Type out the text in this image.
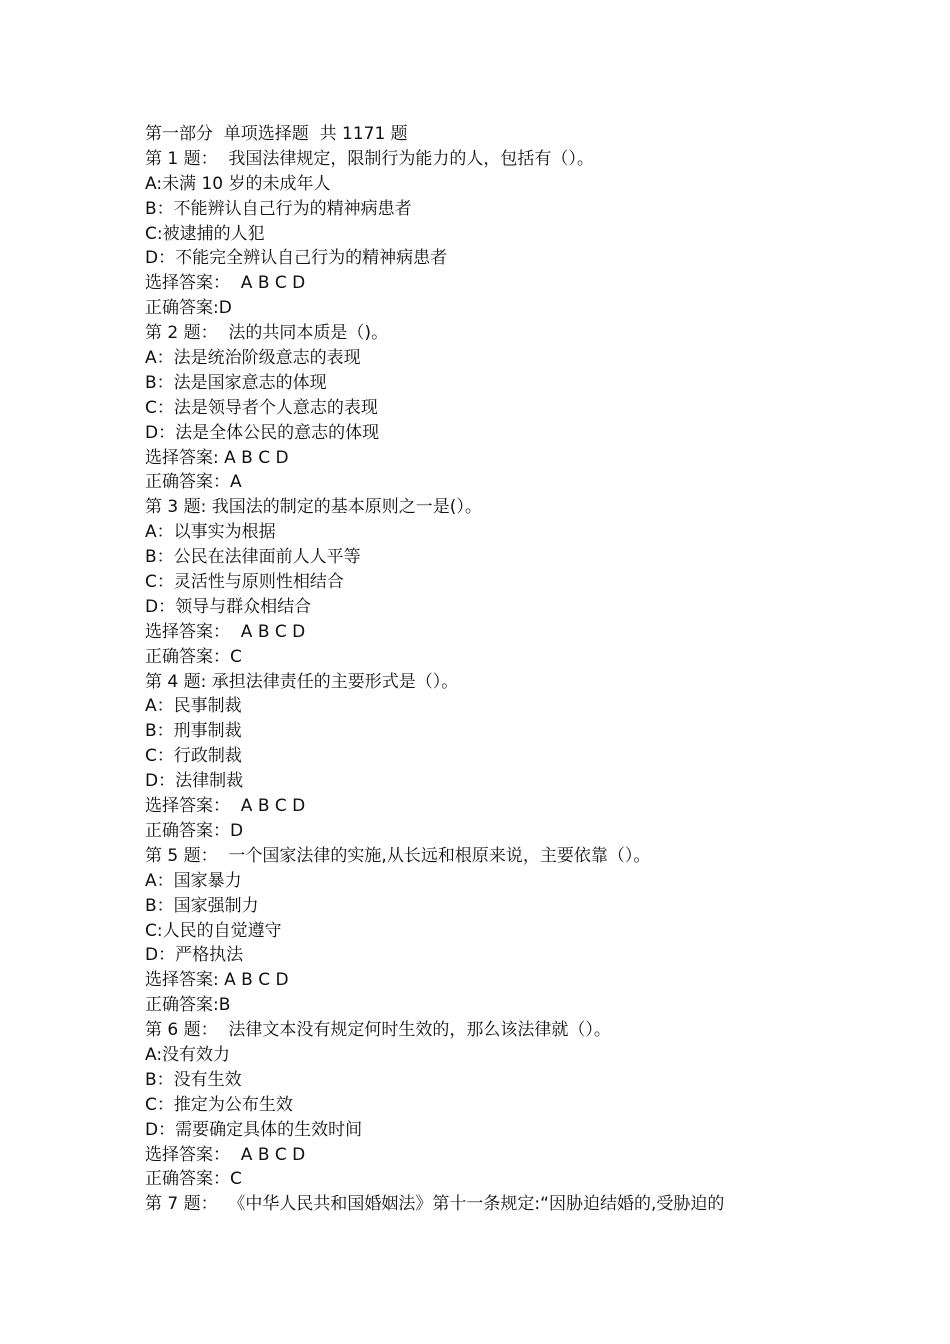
第一部分  单项选择题  共 1171 题
第 1 题：  我国法律规定，限制行为能力的人，包括有（）。
A:未满 10 岁的未成年人
B：不能辨认自己行为的精神病患者
C:被逮捕的人犯
D：不能完全辨认自己行为的精神病患者
选择答案：  A B C D
正确答案:D
第 2 题：  法的共同本质是（)。
A：法是统治阶级意志的表现
B：法是国家意志的体现
C：法是领导者个人意志的表现
D：法是全体公民的意志的体现
选择答案: A B C D
正确答案：A
第 3 题: 我国法的制定的基本原则之一是(）。
A：以事实为根据
B：公民在法律面前人人平等
C：灵活性与原则性相结合
D：领导与群众相结合
选择答案：  A B C D
正确答案：C
第 4 题: 承担法律责任的主要形式是（）。
A：民事制裁
B：刑事制裁
C：行政制裁
D：法律制裁
选择答案：  A B C D
正确答案：D
第 5 题：  一个国家法律的实施,从长远和根原来说，主要依靠（）。
A：国家暴力
B：国家强制力
C:人民的自觉遵守
D：严格执法
选择答案: A B C D
正确答案:B
第 6 题：  法律文本没有规定何时生效的，那么该法律就（）。
A:没有效力
B：没有生效
C：推定为公布生效
D：需要确定具体的生效时间
选择答案：  A B C D
正确答案：C
第 7 题：  《中华人民共和国婚姻法》第十一条规定:“因胁迫结婚的,受胁迫的
